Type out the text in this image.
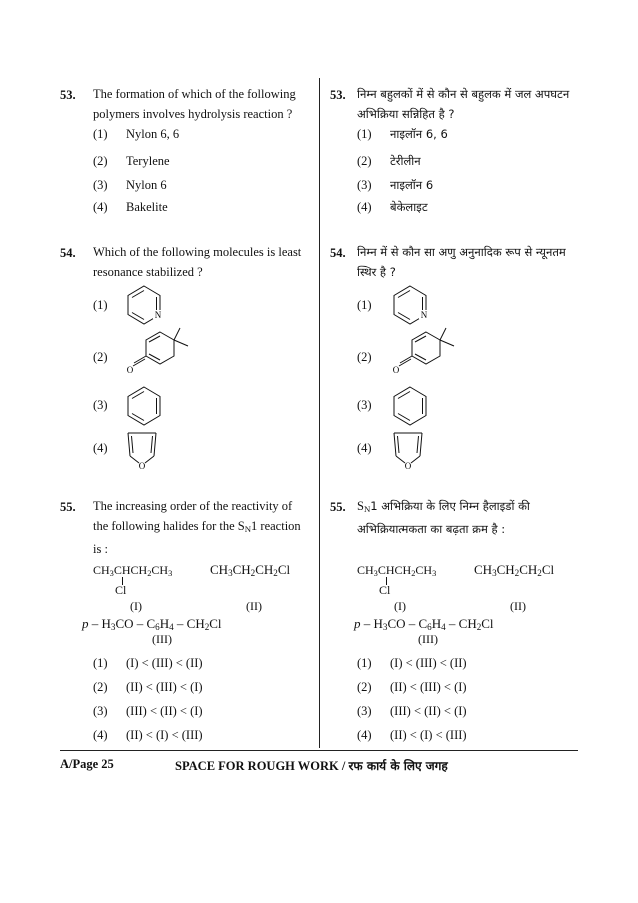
53. The formation of which of the following
polymers involves hydrolysis reaction ?
(1) Nylon 6, 6
(2) Terylene
(3) Nylon 6
(4) Bakelite
54. Which of the following molecules is least
resonance stabilized ?
(1)
(2)
(3)
(4)
N
O
O
55. The increasing order of the reactivity of
the following halides for the $S_N1$ reaction
is :
$CH_3CHCH_2CH_3$
Cl
(I)
$CH_3CH_2CH_2Cl$
(II)
p – $H_3CO - C_6H_4 - CH_2Cl$
(III)
(1) (I) < (III) < (II)
(2) (II) < (III) < (I)
(3) (III) < (II) < (I)
(4) (II) < (I) < (III)
53. निम्न बहुलकों में से कौन से बहुलक में जल अपघटन
अभिक्रिया सन्निहित है ?
(1) नाइलॉन 6, 6
(2) टेरीलीन
(3) नाइलॉन 6
(4) बेकेलाइट
54. निम्न में से कौन सा अणु अनुनादिक रूप से न्यूनतम
स्थिर है ?
(1)
(2)
(3)
(4)
N
O
O
55. $S_N1$ अभिक्रिया के लिए निम्न हैलाइडों की
अभिक्रियात्मकता का बढ़ता क्रम है :
$CH_3CHCH_2CH_3$
Cl
(I)
$CH_3CH_2CH_2Cl$
(II)
p – $H_3CO - C_6H_4 - CH_2Cl$
(III)
(1) (I) < (III) < (II)
(2) (II) < (III) < (I)
(3) (III) < (II) < (I)
(4) (II) < (I) < (III)
A/Page 25	SPACE FOR ROUGH WORK / रफ कार्य के लिए जगह
